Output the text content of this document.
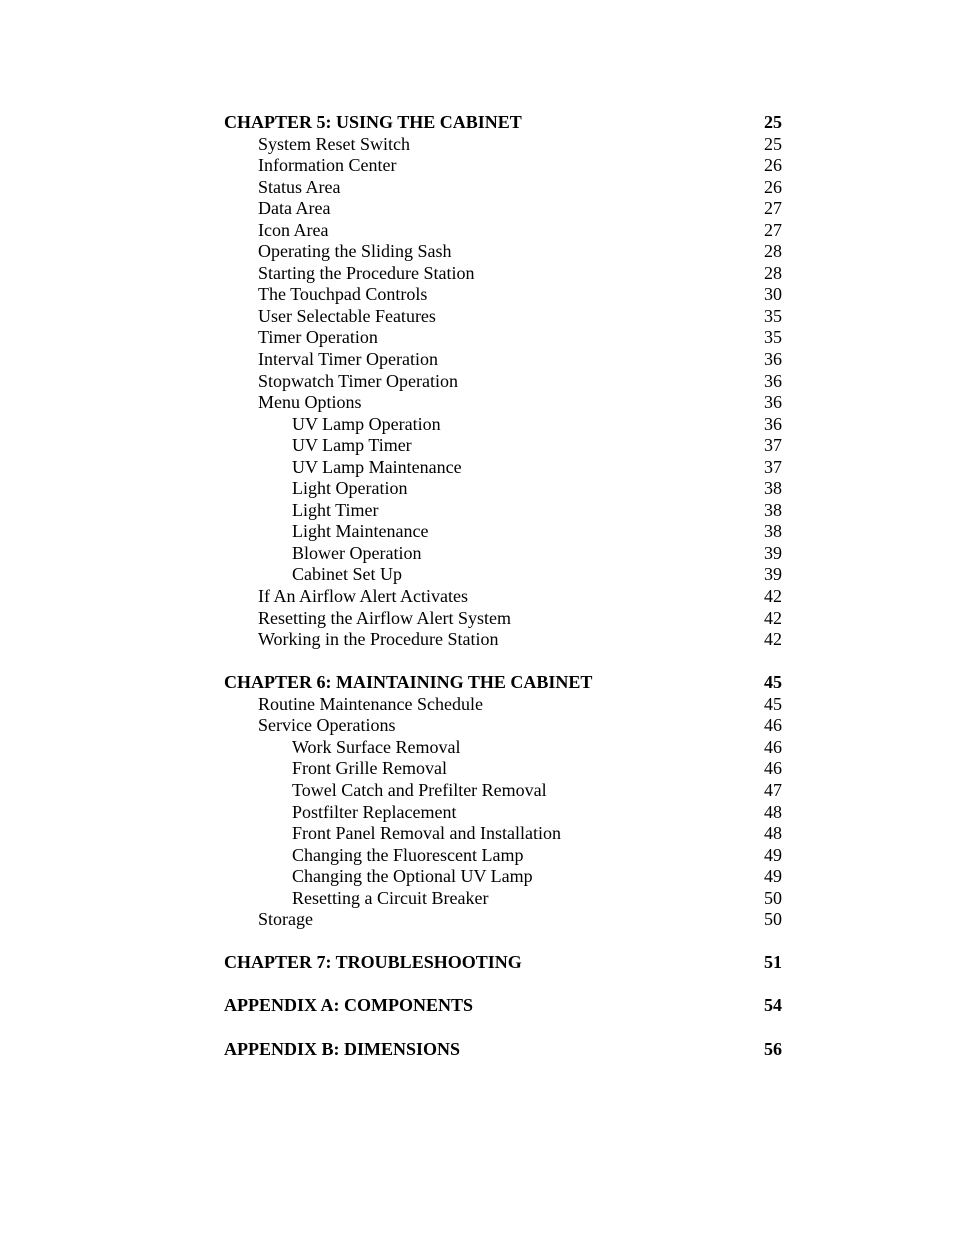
CHAPTER 5: USING THE CABINET	25
System Reset Switch	25
Information Center	26
Status Area	26
Data Area	27
Icon Area	27
Operating the Sliding Sash	28
Starting the Procedure Station	28
The Touchpad Controls	30
User Selectable Features	35
Timer Operation	35
Interval Timer Operation	36
Stopwatch Timer Operation	36
Menu Options	36
UV Lamp Operation	36
UV Lamp Timer	37
UV Lamp Maintenance	37
Light Operation	38
Light Timer	38
Light Maintenance	38
Blower Operation	39
Cabinet Set Up	39
If An Airflow Alert Activates	42
Resetting the Airflow Alert System	42
Working in the Procedure Station	42
CHAPTER 6: MAINTAINING THE CABINET	45
Routine Maintenance Schedule	45
Service Operations	46
Work Surface Removal	46
Front Grille Removal	46
Towel Catch and Prefilter Removal	47
Postfilter Replacement	48
Front Panel Removal and Installation	48
Changing the Fluorescent Lamp	49
Changing the Optional UV Lamp	49
Resetting a Circuit Breaker	50
Storage	50
CHAPTER 7: TROUBLESHOOTING	51
APPENDIX A: COMPONENTS	54
APPENDIX B: DIMENSIONS	56
